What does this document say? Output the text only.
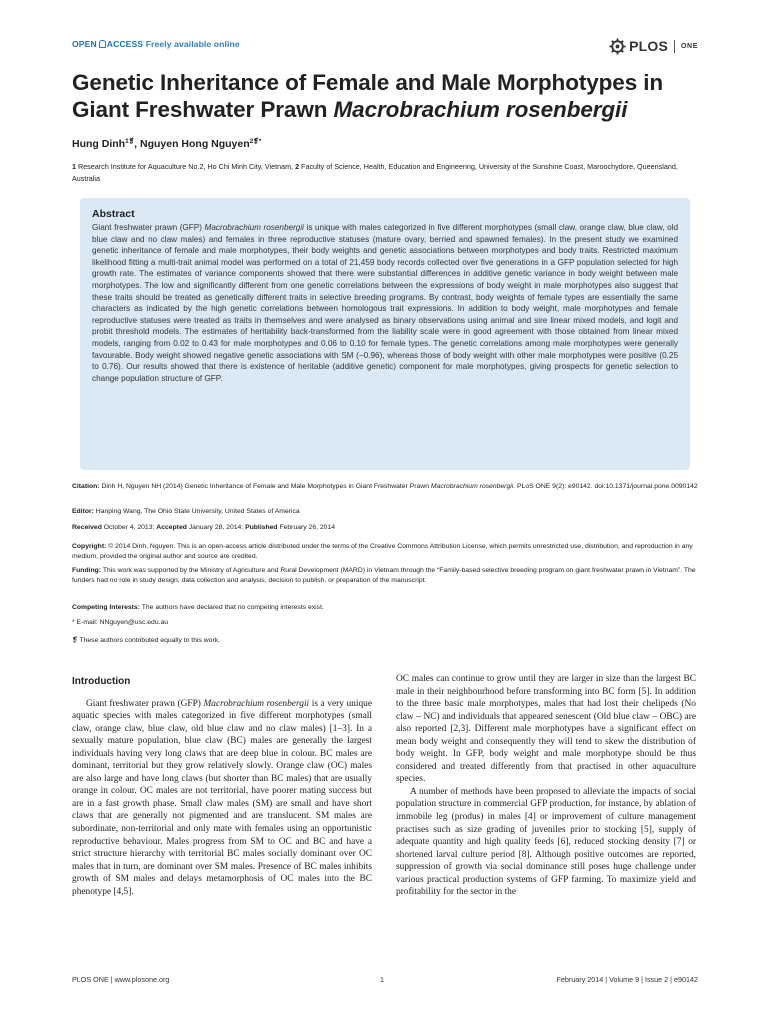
OPEN ACCESS Freely available online	PLOS ONE
Genetic Inheritance of Female and Male Morphotypes in
Giant Freshwater Prawn Macrobrachium rosenbergii
Hung Dinh$^{1❡}$, Nguyen Hong Nguyen$^{2❡*}$
1 Research Institute for Aquaculture No.2, Ho Chi Minh City, Vietnam, 2 Faculty of Science, Health, Education and Engineering, University of the Sunshine Coast, Maroochydore, Queensland, Australia
Abstract

Giant freshwater prawn (GFP) Macrobrachium rosenbergii is unique with males categorized in five different morphotypes (small claw, orange claw, blue claw, old blue claw and no claw males) and females in three reproductive statuses (mature ovary, berried and spawned females). In the present study we examined genetic inheritance of female and male morphotypes, their body weights and genetic associations between morphotypes and body traits. Restricted maximum likelihood fitting a multi-trait animal model was performed on a total of 21,459 body records collected over five generations in a GFP population selected for high growth rate. The estimates of variance components showed that there were substantial differences in additive genetic variance in body weight between male morphotypes. The low and significantly different from one genetic correlations between the expressions of body weight in male morphotypes also suggest that these traits should be treated as genetically different traits in selective breeding programs. By contrast, body weights of female types are essentially the same characters as indicated by the high genetic correlations between homologous trait expressions. In addition to body weight, male morphotypes and female reproductive statuses were treated as traits in themselves and were analysed as binary observations using animal and sire linear mixed models, and logit and probit threshold models. The estimates of heritability back-transformed from the liability scale were in good agreement with those obtained from linear mixed models, ranging from 0.02 to 0.43 for male morphotypes and 0.06 to 0.10 for female types. The genetic correlations among male morphotypes were generally favourable. Body weight showed negative genetic associations with SM (−0.96), whereas those of body weight with other male morphotypes were positive (0.25 to 0.76). Our results showed that there is existence of heritable (additive genetic) component for male morphotypes, giving prospects for genetic selection to change population structure of GFP.

Citation: Dinh H, Nguyen NH (2014) Genetic Inheritance of Female and Male Morphotypes in Giant Freshwater Prawn Macrobrachium rosenbergii. PLoS ONE 9(2): e90142. doi:10.1371/journal.pone.0090142
Editor: Hanping Wang, The Ohio State University, United States of America
Received October 4, 2013; Accepted January 28, 2014; Published February 26, 2014
Copyright: © 2014 Dinh, Nguyen. This is an open-access article distributed under the terms of the Creative Commons Attribution License, which permits unrestricted use, distribution, and reproduction in any medium, provided the original author and source are credited.
Funding: This work was supported by the Ministry of Agriculture and Rural Development (MARD) in Vietnam through the “Family-based selective breeding program on giant freshwater prawn in Vietnam”. The funders had no role in study design, data collection and analysis, decision to publish, or preparation of the manuscript.
Competing Interests: The authors have declared that no competing interests exist.
* E-mail: NNguyen@usc.edu.au
❡ These authors contributed equally to this work.
Introduction

Giant freshwater prawn (GFP) Macrobrachium rosenbergii is a very unique aquatic species with males categorized in five different morphotypes (small claw, orange claw, blue claw, old blue claw and no claw males) [1–3]. In a sexually mature population, blue claw (BC) males are generally the largest individuals having very long claws that are deep blue in colour. BC males are dominant, territorial but they grow relatively slowly. Orange claw (OC) males are also large and have long claws (but shorter than BC males) that are usually orange in colour. OC males are not territorial, have poorer mating success but are in a fast growth phase. Small claw males (SM) are small and have short claws that are generally not pigmented and are translucent. SM males are subordinate, non-territorial and only mate with females using an opportunistic reproductive behaviour. Males progress from SM to OC and BC and have a strict structure hierarchy with territorial BC males socially dominant over OC males that in turn, are dominant over SM males. Presence of BC males inhibits growth of SM males and delays metamorphosis of OC males into the BC phenotype [4,5].

OC males can continue to grow until they are larger in size than the largest BC male in their neighbourhood before transforming into BC form [5]. In addition to the three basic male morphotypes, males that had lost their chelipeds (No claw – NC) and individuals that appeared senescent (Old blue claw – OBC) are also reported [2,3]. Different male morphotypes have a significant effect on mean body weight and consequently they will tend to skew the distribution of body weight. In GFP, body weight and male morphotype should be thus considered and treated differently from that practised in other aquaculture species.

A number of methods have been proposed to alleviate the impacts of social population structure in commercial GFP production, for instance, by ablation of immobile leg (produs) in males [4] or improvement of culture management practises such as size grading of juveniles prior to stocking [5], supply of adequate quantity and high quality feeds [6], reduced stocking density [7] or shortened larval culture period [8]. Although positive outcomes are reported, suppression of growth via social dominance still poses huge challenge under various practical production systems of GFP farming. To maximize yield and profitability for the sector in the

PLOS ONE | www.plosone.org	1	February 2014 | Volume 9 | Issue 2 | e90142
